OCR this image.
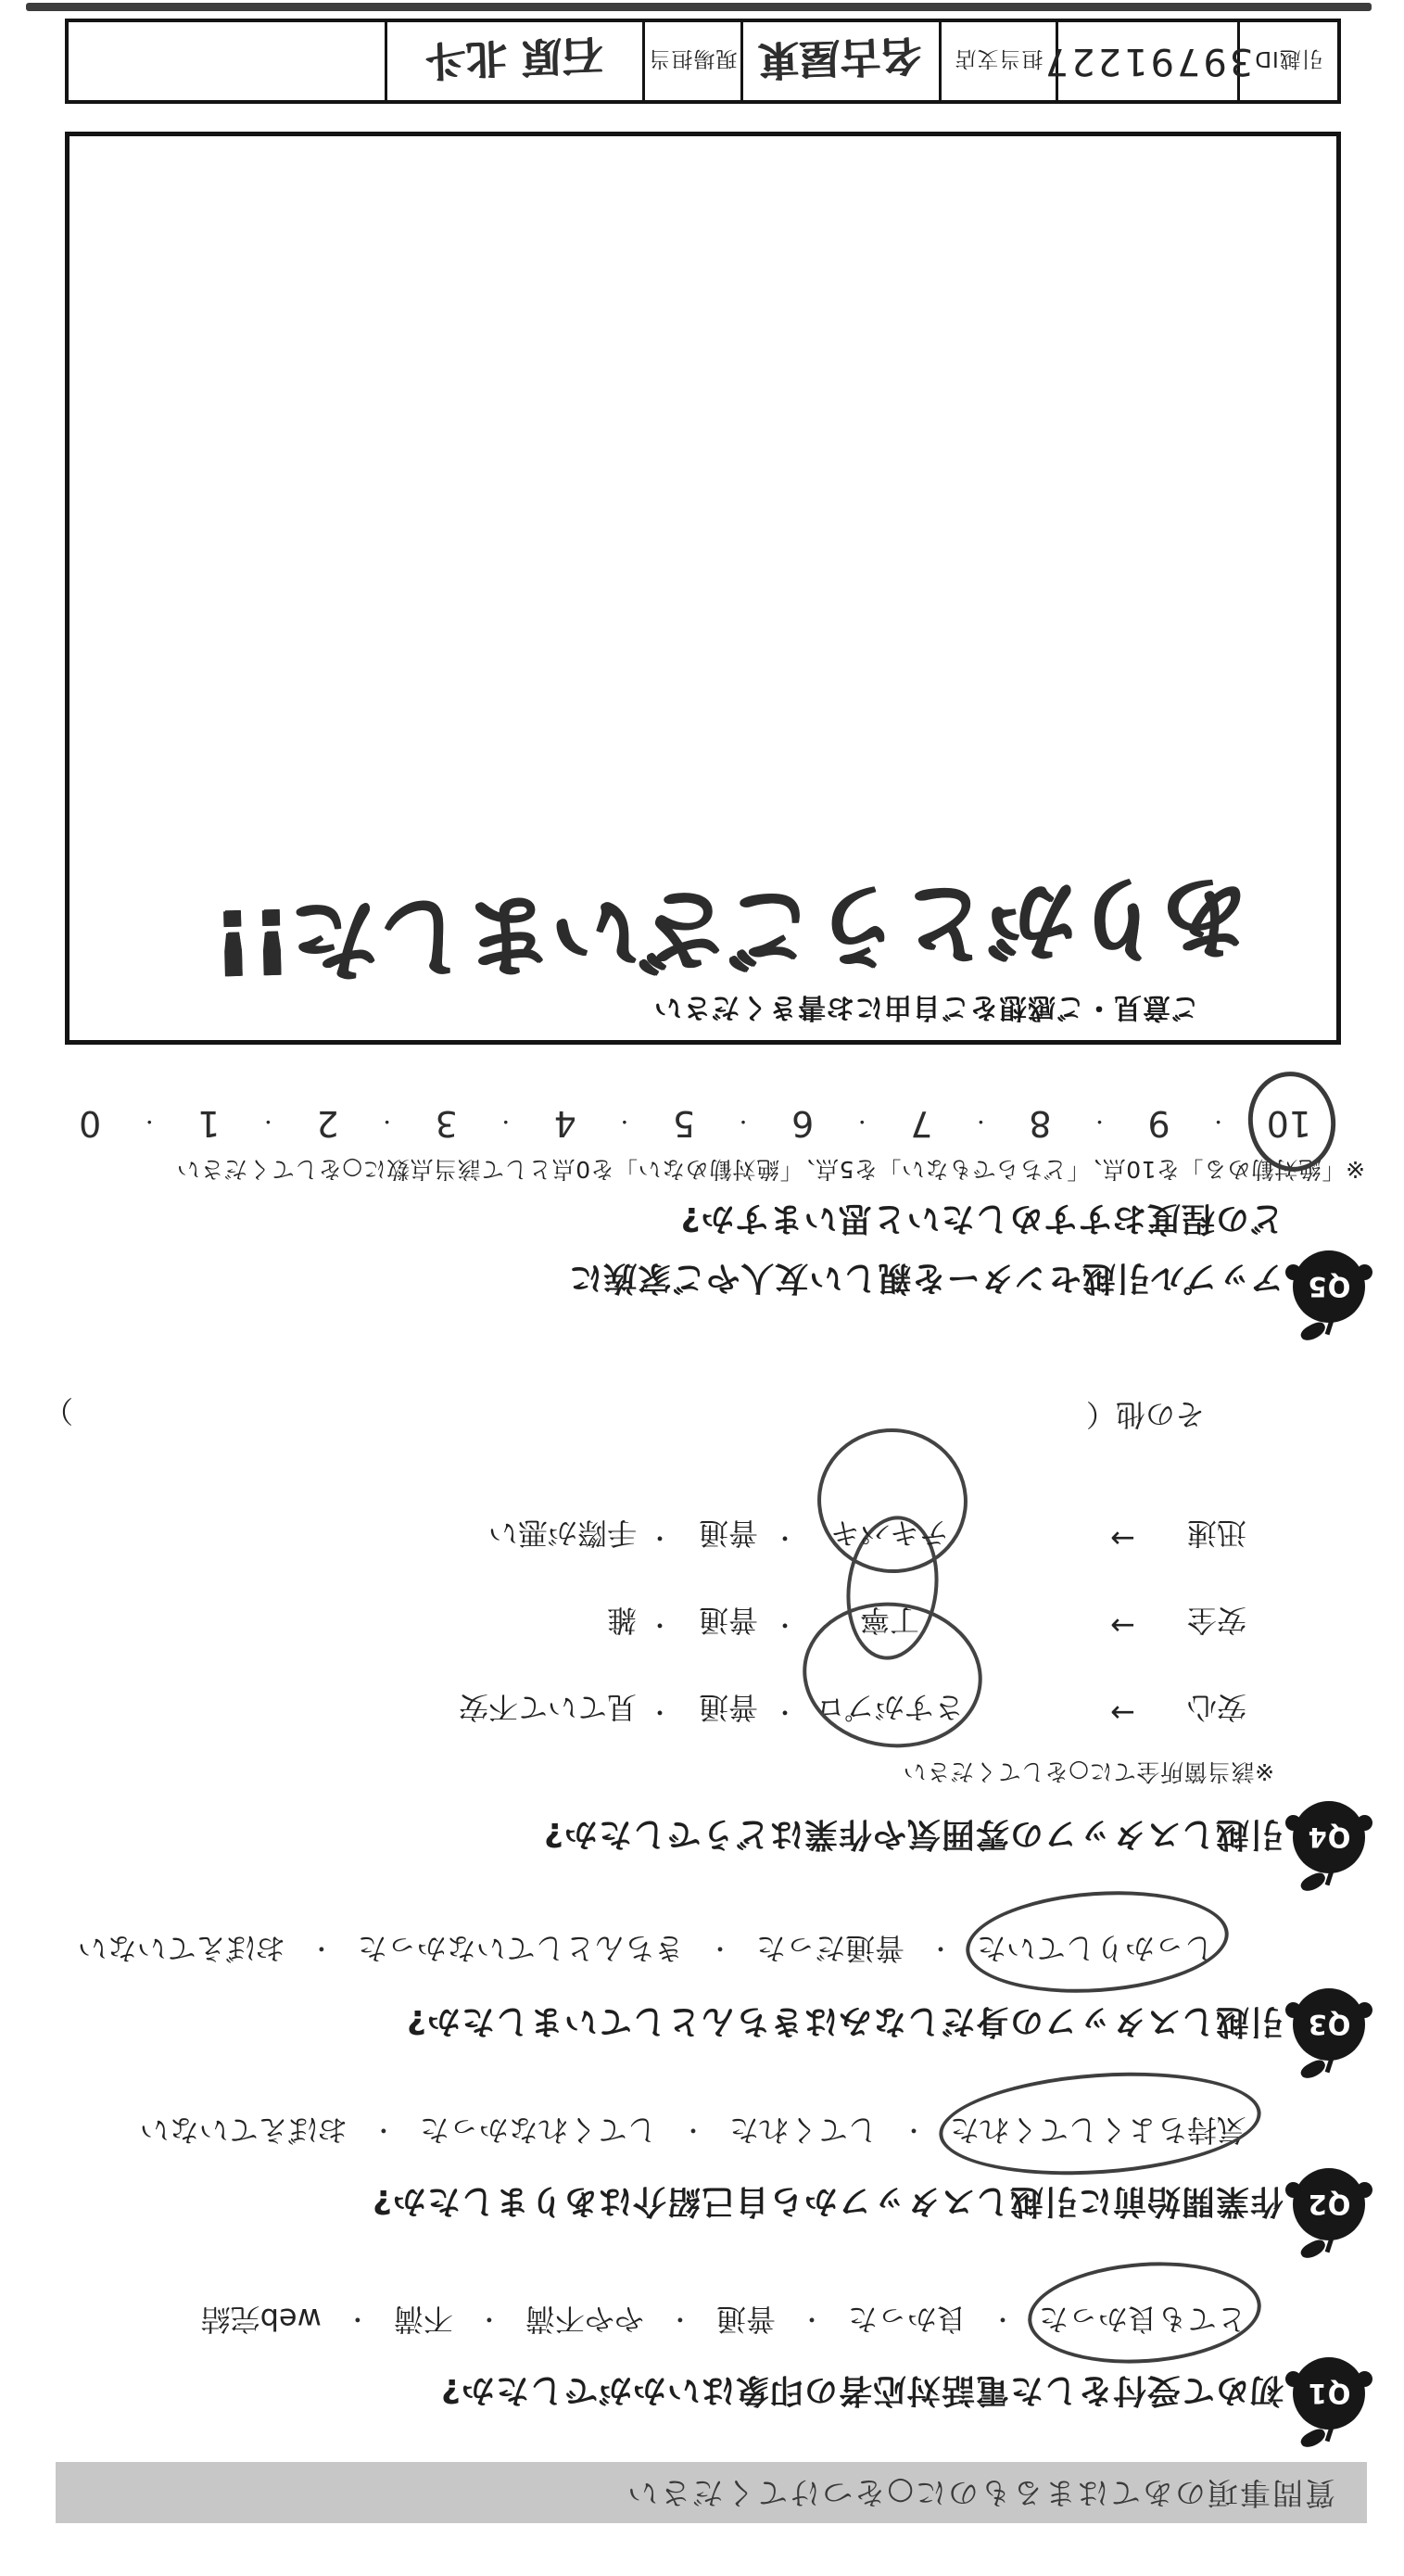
質問事項のあてはまるものに○をつけてください
Q1
初めて受付をした電話対応者の印象はいかがでしたか?
とても良かった
・
良かった
・
普通
・
やや不満
・
不満
・
web完結
Q2
作業開始前に引越しスタッフから自己紹介はありましたか?
気持ちよくしてくれた
・
してくれた
・
してくれなかった
・
おぼえていない
Q3
引越しスタッフの身だしなみはきちんとしていましたか?
しっかりしていた
・
普通だった
・
きちんとしていなかった
・
おぼえていない
Q4
引越しスタッフの雰囲気や作業はどうでしたか?
※該当箇所全てに○をしてください
安心
→
さすがプロ
・
普通
・
見ていて不安
安全
→
丁寧
・
普通
・
雑
迅速
→
テキパキ
・
普通
・
手際が悪い
その他（
）
Q5
アップル引越センターを親しい友人やご家族に
どの程度おすすめしたいと思いますか?
※「絶対勧める」を10点、「どちらでもない」を5点、「絶対勧めない」を0点として該当点数に○をしてください
10
・
9
・
8
・
7
・
6
・
5
・
4
・
3
・
2
・
1
・
0
ご意見・ご感想をご自由にお書きください
ありがとうございました!!
引越ID
39791227
担当支店
名古屋東
現場担当
石原 北斗
